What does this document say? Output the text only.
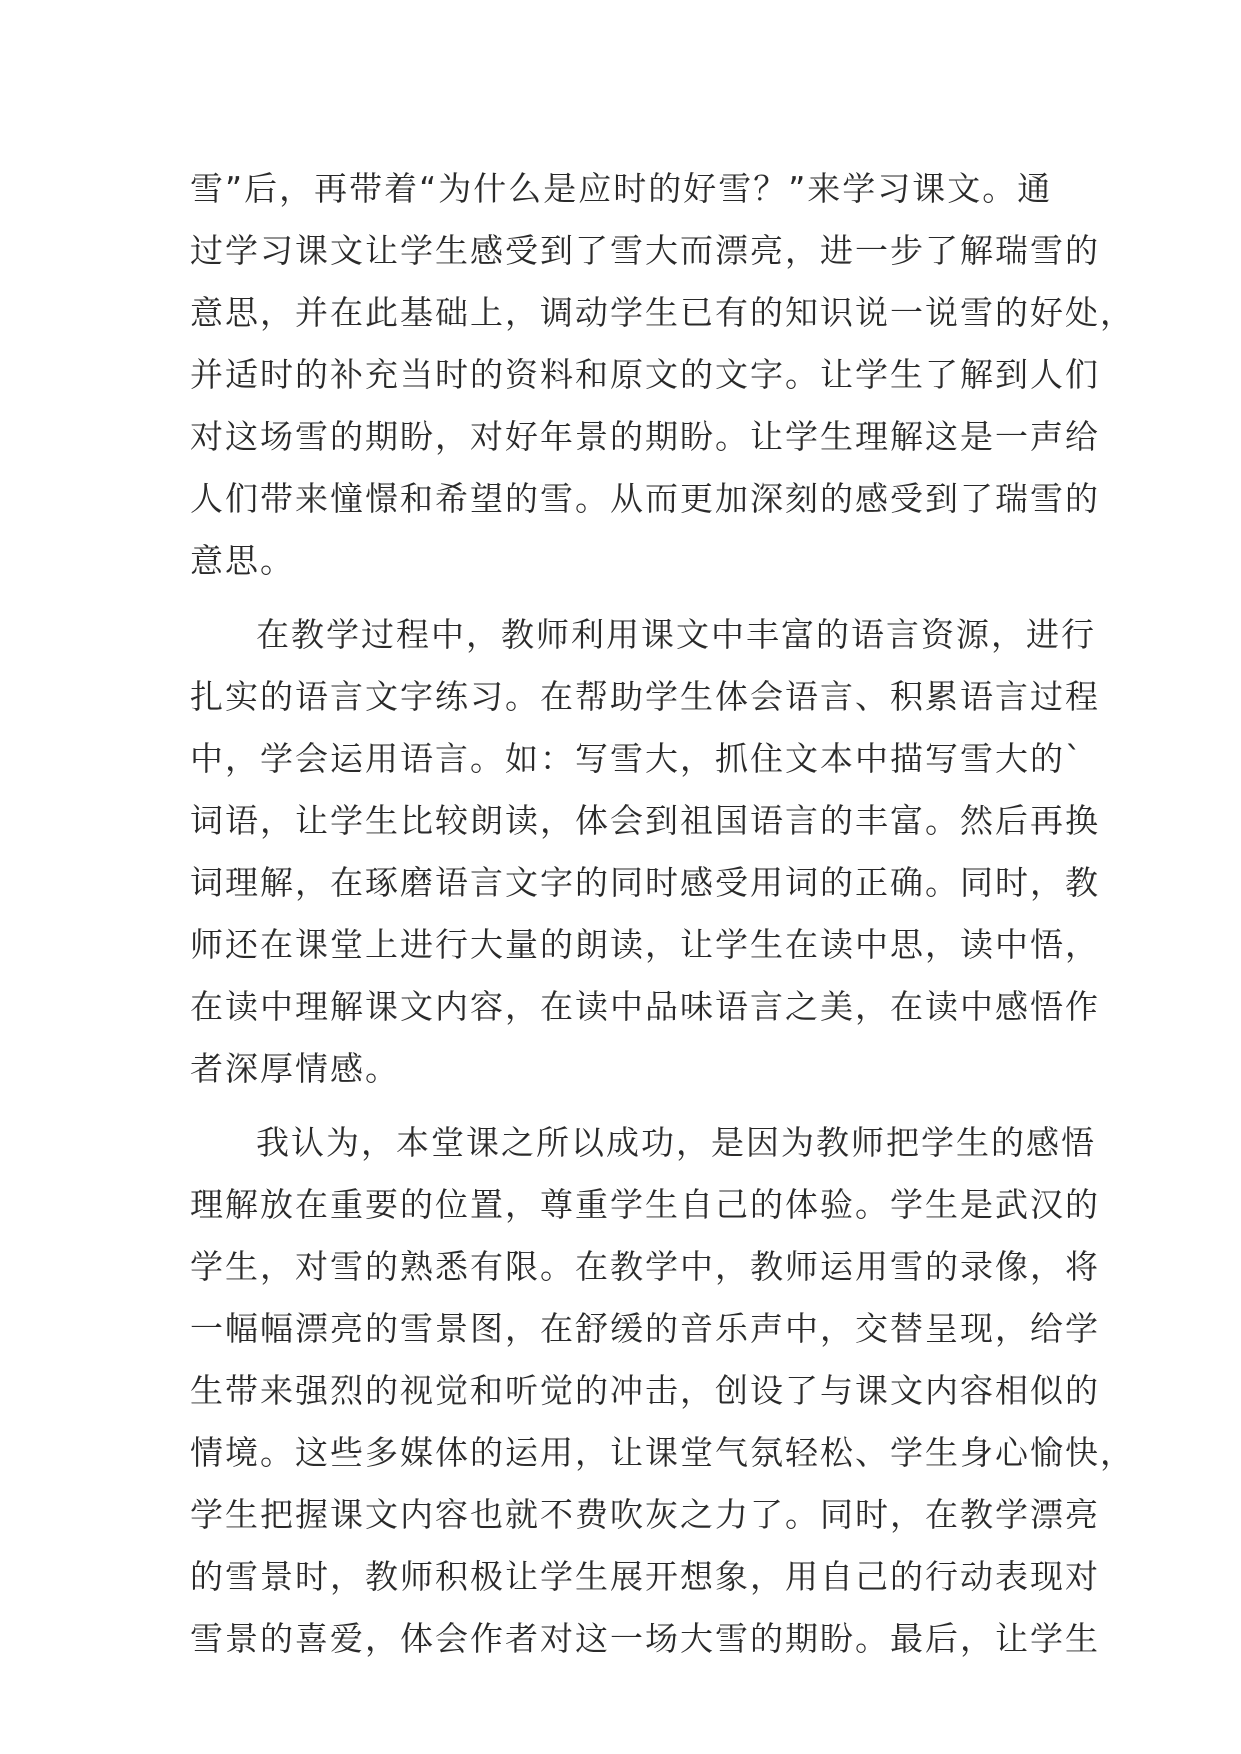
雪”后，再带着“为什么是应时的好雪？”来学习课文。通
过学习课文让学生感受到了雪大而漂亮，进一步了解瑞雪的
意思，并在此基础上，调动学生已有的知识说一说雪的好处，
并适时的补充当时的资料和原文的文字。让学生了解到人们
对这场雪的期盼，对好年景的期盼。让学生理解这是一声给
人们带来憧憬和希望的雪。从而更加深刻的感受到了瑞雪的
意思。
在教学过程中，教师利用课文中丰富的语言资源，进行
扎实的语言文字练习。在帮助学生体会语言、积累语言过程
中，学会运用语言。如：写雪大，抓住文本中描写雪大的`
词语，让学生比较朗读，体会到祖国语言的丰富。然后再换
词理解，在琢磨语言文字的同时感受用词的正确。同时，教
师还在课堂上进行大量的朗读，让学生在读中思，读中悟，
在读中理解课文内容，在读中品味语言之美，在读中感悟作
者深厚情感。
我认为，本堂课之所以成功，是因为教师把学生的感悟
理解放在重要的位置，尊重学生自己的体验。学生是武汉的
学生，对雪的熟悉有限。在教学中，教师运用雪的录像，将
一幅幅漂亮的雪景图，在舒缓的音乐声中，交替呈现，给学
生带来强烈的视觉和听觉的冲击，创设了与课文内容相似的
情境。这些多媒体的运用，让课堂气氛轻松、学生身心愉快，
学生把握课文内容也就不费吹灰之力了。同时，在教学漂亮
的雪景时，教师积极让学生展开想象，用自己的行动表现对
雪景的喜爱，体会作者对这一场大雪的期盼。最后，让学生
